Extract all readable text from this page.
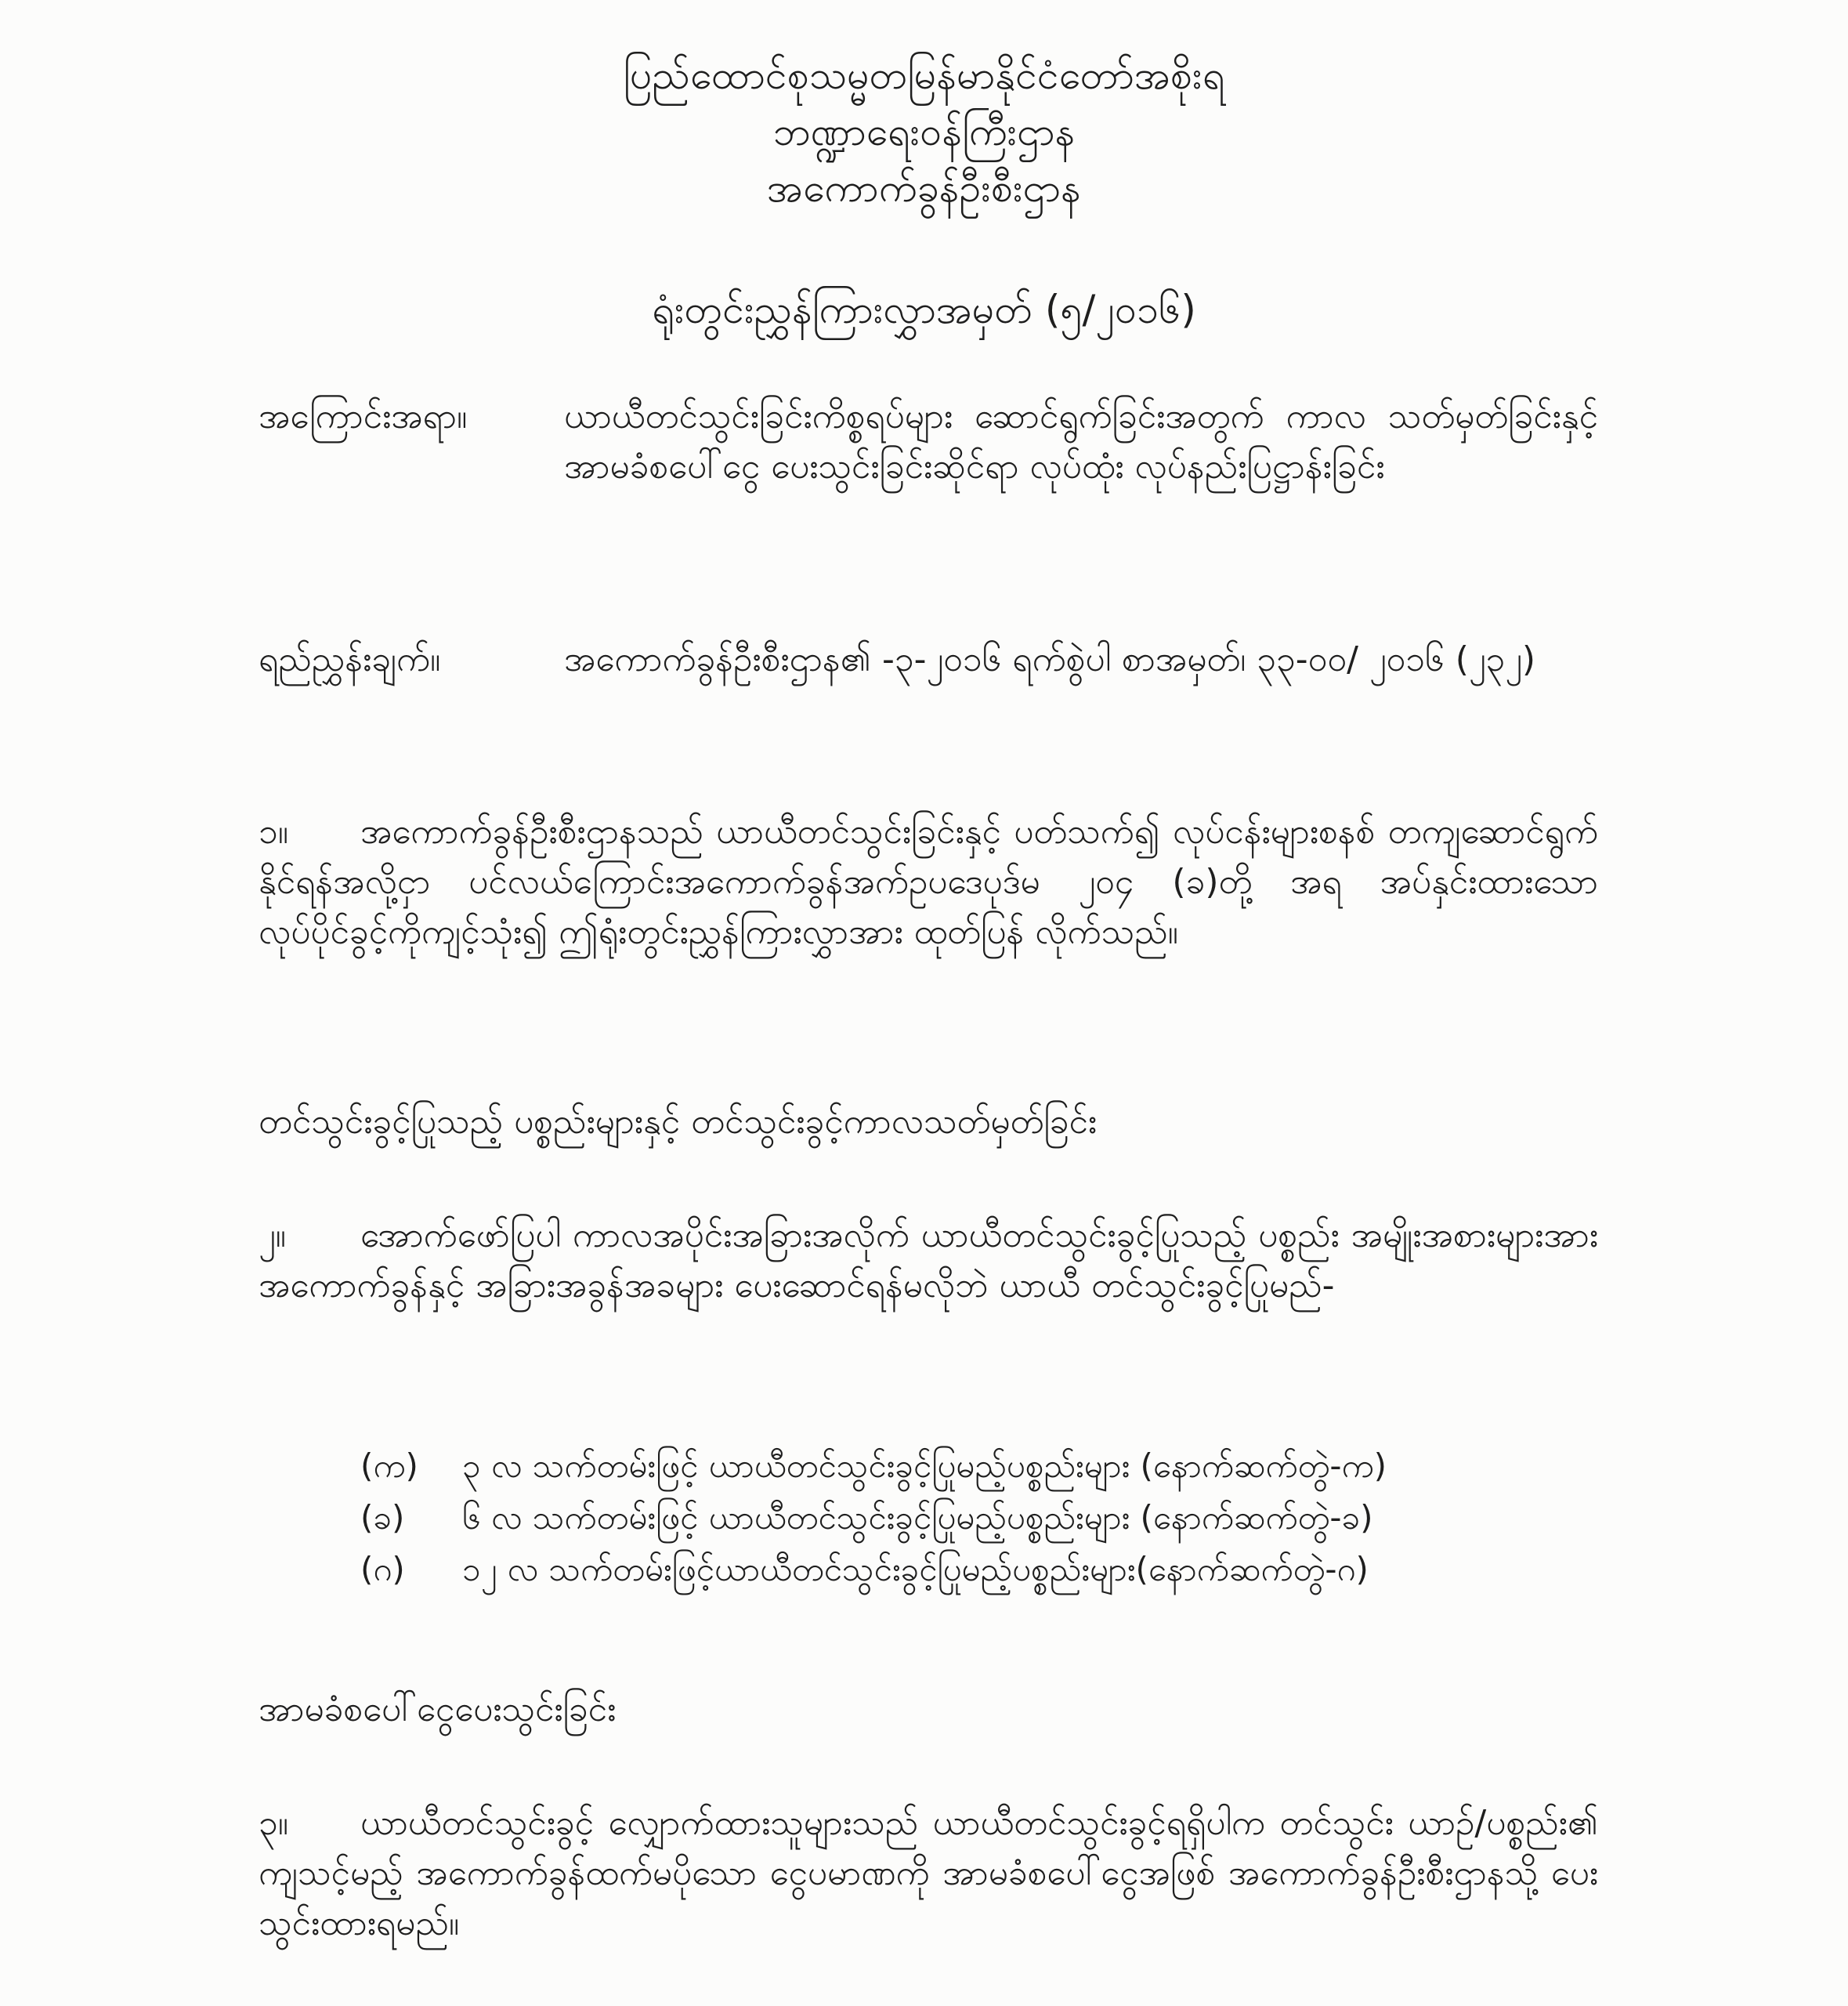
ပြည်ထောင်စုသမ္မတမြန်မာနိုင်ငံတော်အစိုးရ
ဘဏ္ဍာရေးဝန်ကြီးဌာန
အကောက်ခွန်ဦးစီးဌာန
ရုံးတွင်းညွှန်ကြားလွှာအမှတ် (၅/၂၀၁၆)
အကြောင်းအရာ။	ယာယီတင်သွင်းခြင်းကိစ္စရပ်များ ဆောင်ရွက်ခြင်းအတွက် ကာလ သတ်မှတ်ခြင်းနှင့် အာမခံစပေါ်ငွေ ပေးသွင်းခြင်းဆိုင်ရာ လုပ်ထုံး လုပ်နည်းပြဋ္ဌာန်းခြင်း
ရည်ညွှန်းချက်။	အကောက်ခွန်ဦးစီးဌာန၏ -၃-၂၀၁၆ ရက်စွဲပါ စာအမှတ်၊ ၃၃-၀၀/ ၂၀၁၆ (၂၃၂)
၁။ အကောက်ခွန်ဦးစီးဌာနသည် ယာယီတင်သွင်းခြင်းနှင့် ပတ်သက်၍ လုပ်ငန်းများစနစ် တကျဆောင်ရွက်နိုင်ရန်အလို့ငှာ ပင်လယ်ကြောင်းအကောက်ခွန်အက်ဥပဒေပုဒ်မ ၂၀၄ (ခ)တို့ အရ အပ်နှင်းထားသော လုပ်ပိုင်ခွင့်ကိုကျင့်သုံး၍ ဤရုံးတွင်းညွှန်ကြားလွှာအား ထုတ်ပြန် လိုက်သည်။
တင်သွင်းခွင့်ပြုသည့် ပစ္စည်းများနှင့် တင်သွင်းခွင့်ကာလသတ်မှတ်ခြင်း
၂။ အောက်ဖော်ပြပါ ကာလအပိုင်းအခြားအလိုက် ယာယီတင်သွင်းခွင့်ပြုသည့် ပစ္စည်း အမျိုးအစားများအား အကောက်ခွန်နှင့် အခြားအခွန်အခများ ပေးဆောင်ရန်မလိုဘဲ ယာယီ တင်သွင်းခွင့်ပြုမည်-
(က) ၃ လ သက်တမ်းဖြင့် ယာယီတင်သွင်းခွင့်ပြုမည့်ပစ္စည်းများ (နောက်ဆက်တွဲ-က)
(ခ) ၆ လ သက်တမ်းဖြင့် ယာယီတင်သွင်းခွင့်ပြုမည့်ပစ္စည်းများ (နောက်ဆက်တွဲ-ခ)
(ဂ) ၁၂ လ သက်တမ်းဖြင့်ယာယီတင်သွင်းခွင့်ပြုမည့်ပစ္စည်းများ(နောက်ဆက်တွဲ-ဂ)
အာမခံစပေါ်ငွေပေးသွင်းခြင်း
၃။ ယာယီတင်သွင်းခွင့် လျှောက်ထားသူများသည် ယာယီတင်သွင်းခွင့်ရရှိပါက တင်သွင်း ယာဉ်/ပစ္စည်း၏ ကျသင့်မည့် အကောက်ခွန်ထက်မပိုသော ငွေပမာဏကို အာမခံစပေါ်ငွေအဖြစ် အကောက်ခွန်ဦးစီးဌာနသို့ ပေးသွင်းထားရမည်။
